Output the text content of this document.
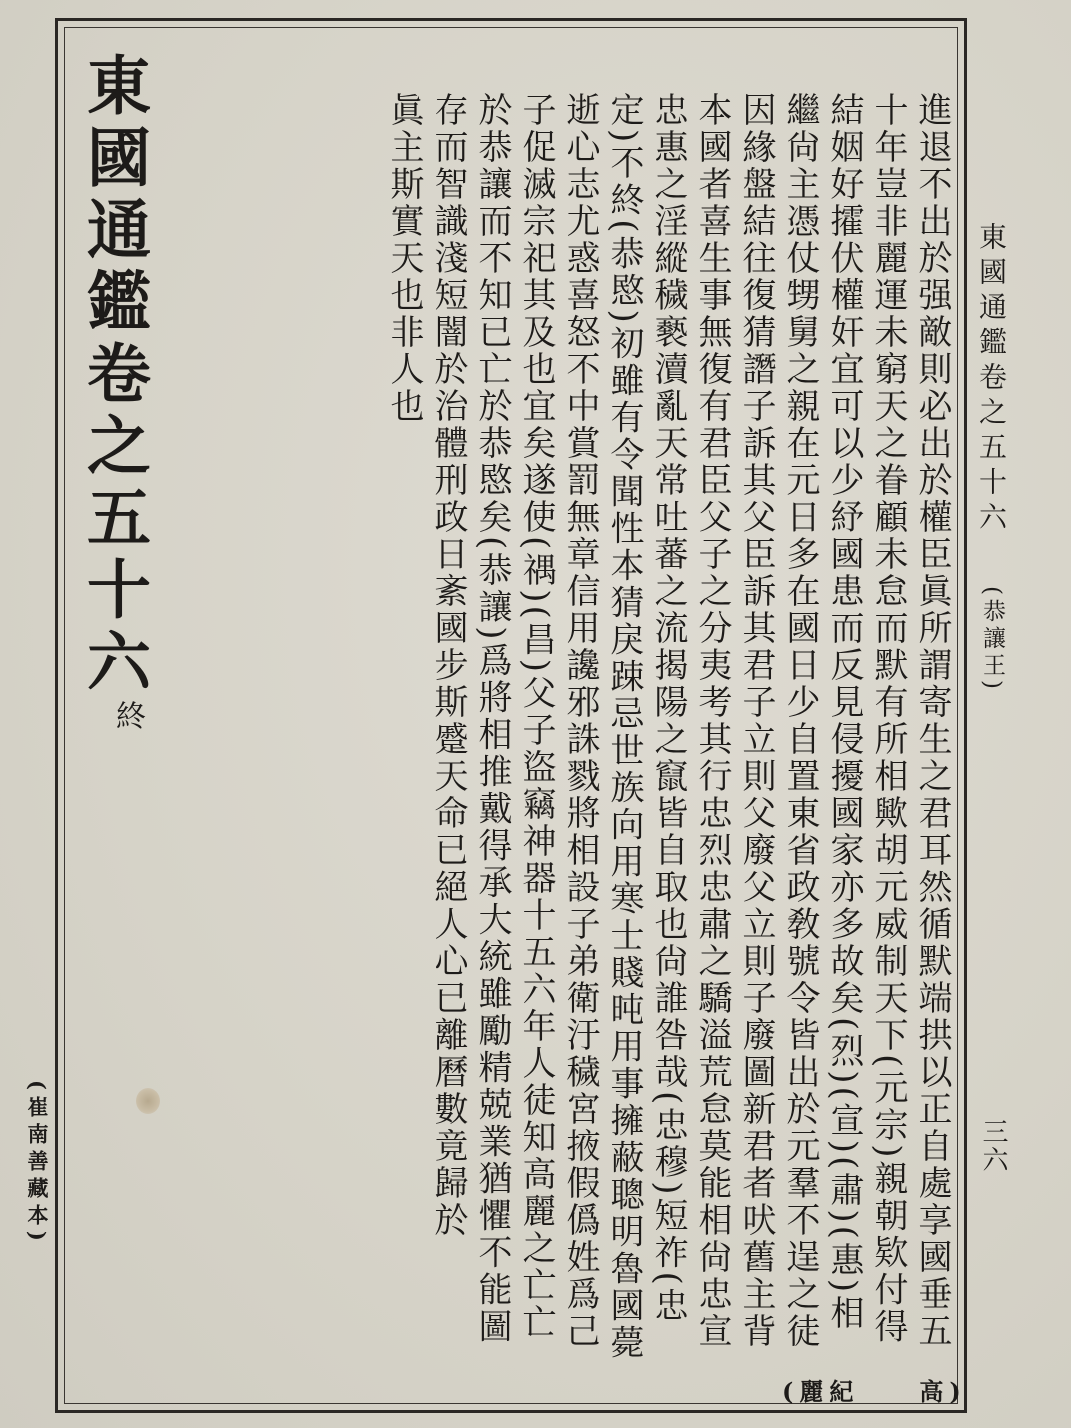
東國通鑑卷之五十六
(恭讓王)
三六
(崔南善藏本)
(麗紀　　高)
東國通鑑卷之五十六
終	進退不出於强敵則必出於權臣眞所謂寄生之君耳然循默端拱以正自處享國垂五
十年豈非麗運未窮天之眷顧未怠而默有所相歟胡元威制天下(元宗)親朝欵付得
結姻好攉伏權奸宜可以少紓國患而反見侵擾國家亦多故矣(烈)(宣)(肅)(惠)相
繼尙主憑仗甥舅之親在元日多在國日少自置東省政敎號令皆出於元羣不逞之徒
因緣盤結往復猜譖子訴其父臣訴其君子立則父廢父立則子廢圖新君者吠舊主背
本國者喜生事無復有君臣父子之分夷考其行忠烈忠肅之驕溢荒怠莫能相尙忠宣
忠惠之淫縱穢褻瀆亂天常吐蕃之流揭陽之竄皆自取也尙誰咎哉(忠穆)短祚(忠
定)不終(恭愍)初雖有令聞性本猜戾踈忌世族向用寒士賤旽用事擁蔽聰明魯國薨
逝心志尤惑喜怒不中賞罰無章信用讒邪誅戮將相設子弟衛汙穢宮掖假僞姓爲己
子促滅宗祀其及也宜矣遂使(禑)(昌)父子盜竊神器十五六年人徒知高麗之亡亡
於恭讓而不知已亡於恭愍矣(恭讓)爲將相推戴得承大統雖勵精兢業猶懼不能圖
存而智識淺短闇於治體刑政日紊國步斯蹙天命已絕人心已離曆數竟歸於
眞主斯實天也非人也
